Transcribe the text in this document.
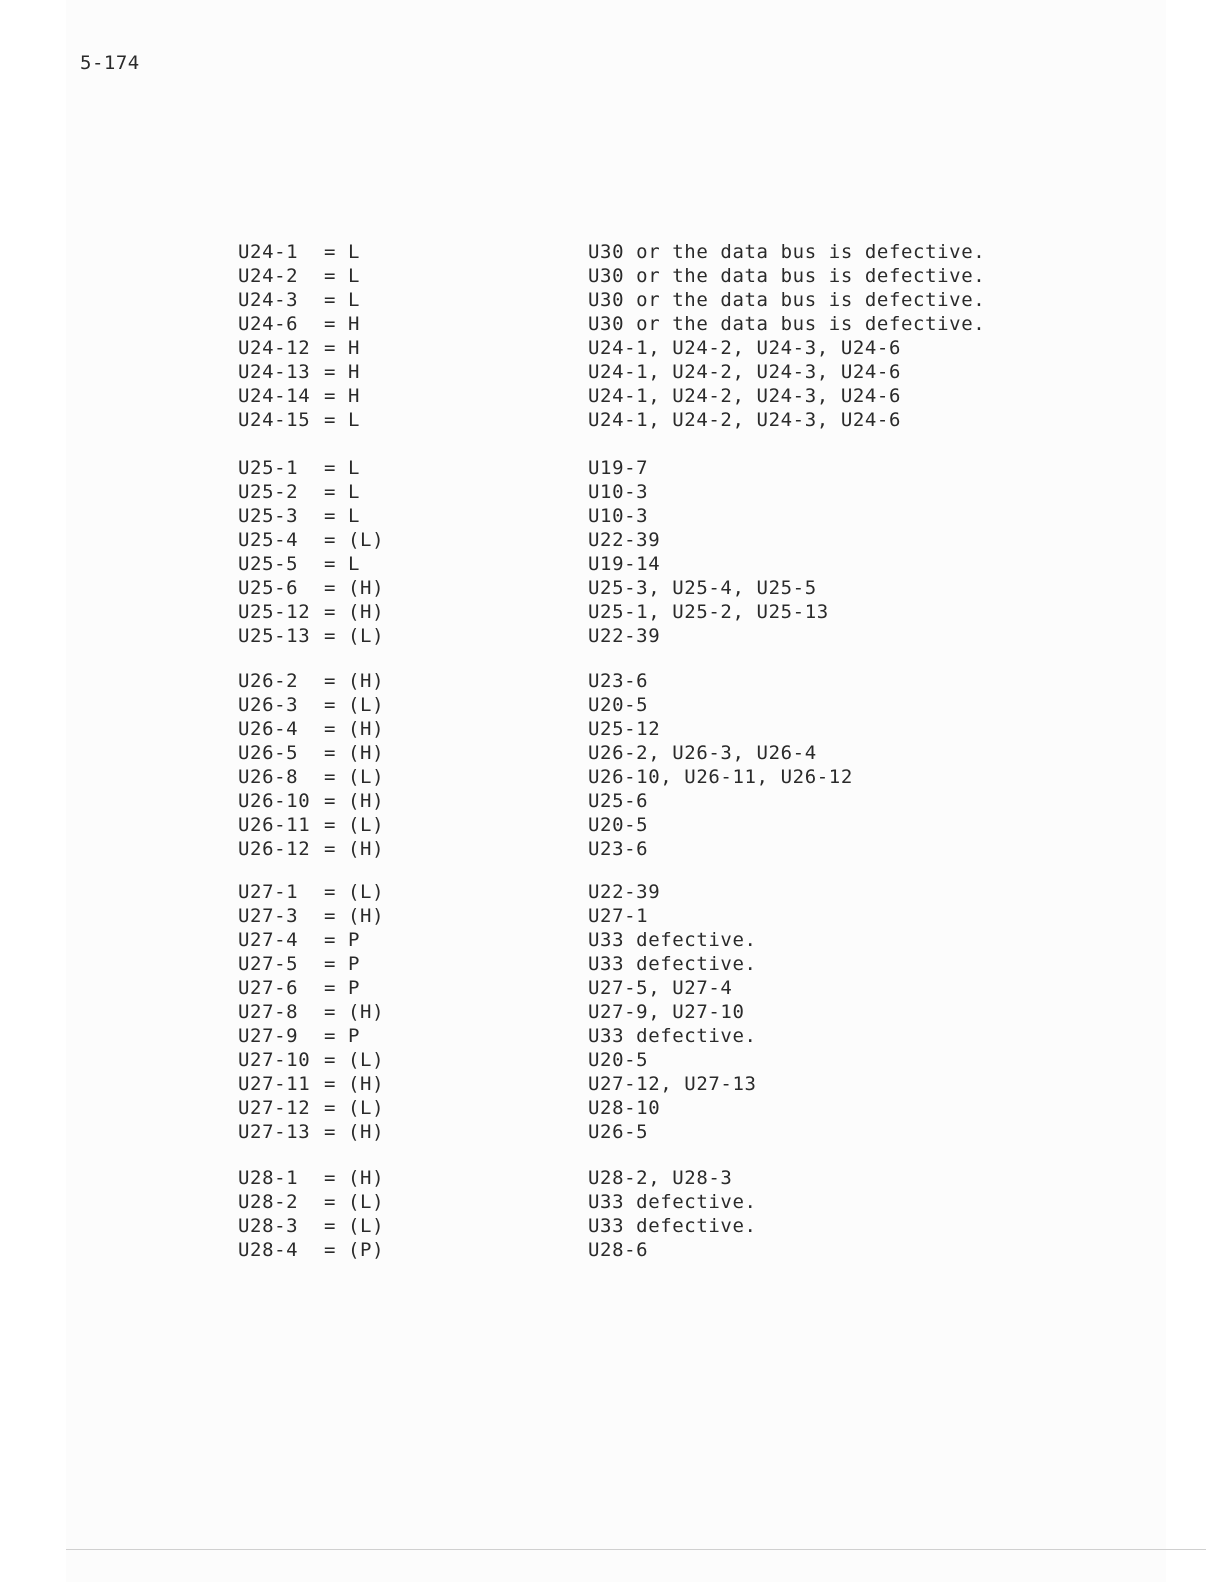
5-174
U24-1 = L	U30 or the data bus is defective.
U24-2 = L	U30 or the data bus is defective.
U24-3 = L	U30 or the data bus is defective.
U24-6 = H	U30 or the data bus is defective.
U24-12 = H	U24-1, U24-2, U24-3, U24-6
U24-13 = H	U24-1, U24-2, U24-3, U24-6
U24-14 = H	U24-1, U24-2, U24-3, U24-6
U24-15 = L	U24-1, U24-2, U24-3, U24-6
U25-1 = L	U19-7
U25-2 = L	U10-3
U25-3 = L	U10-3
U25-4 = (L)	U22-39
U25-5 = L	U19-14
U25-6 = (H)	U25-3, U25-4, U25-5
U25-12 = (H)	U25-1, U25-2, U25-13
U25-13 = (L)	U22-39
U26-2 = (H)	U23-6
U26-3 = (L)	U20-5
U26-4 = (H)	U25-12
U26-5 = (H)	U26-2, U26-3, U26-4
U26-8 = (L)	U26-10, U26-11, U26-12
U26-10 = (H)	U25-6
U26-11 = (L)	U20-5
U26-12 = (H)	U23-6
U27-1 = (L)	U22-39
U27-3 = (H)	U27-1
U27-4 = P	U33 defective.
U27-5 = P	U33 defective.
U27-6 = P	U27-5, U27-4
U27-8 = (H)	U27-9, U27-10
U27-9 = P	U33 defective.
U27-10 = (L)	U20-5
U27-11 = (H)	U27-12, U27-13
U27-12 = (L)	U28-10
U27-13 = (H)	U26-5
U28-1 = (H)	U28-2, U28-3
U28-2 = (L)	U33 defective.
U28-3 = (L)	U33 defective.
U28-4 = (P)	U28-6
